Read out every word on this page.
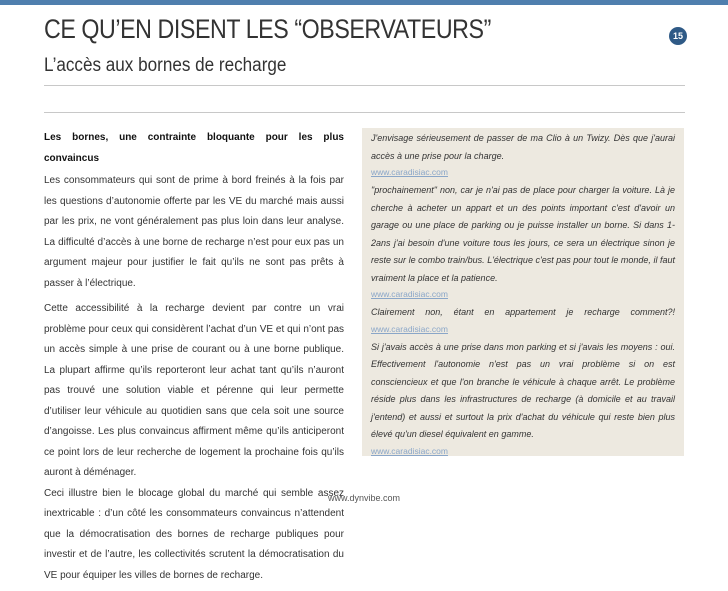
CE QU’EN DISENT LES “OBSERVATEURS”	15
L’accès aux bornes de recharge
Les bornes, une contrainte bloquante pour les plus convaincus

Les consommateurs qui sont de prime à bord freinés à la fois par les questions d’autonomie offerte par les VE du marché mais aussi par les prix, ne vont généralement pas plus loin dans leur analyse. La difficulté d’accès à une borne de recharge n’est pour eux pas un argument majeur pour justifier le fait qu’ils ne sont pas prêts à passer à l’électrique.

Cette accessibilité à la recharge devient par contre un vrai problème pour ceux qui considèrent l’achat d’un VE et qui n’ont pas un accès simple à une prise de courant ou à une borne publique. La plupart affirme qu’ils reporteront leur achat tant qu’ils n’auront pas trouvé une solution viable et pérenne qui leur permette d’utiliser leur véhicule au quotidien sans que cela soit une source d’angoisse. Les plus convaincus affirment même qu’ils anticiperont ce point lors de leur recherche de logement la prochaine fois qu’ils auront à déménager.

Ceci illustre bien le blocage global du marché qui semble assez inextricable : d’un côté les consommateurs convaincus n’attendent que la démocratisation des bornes de recharge publiques pour investir et de l’autre, les collectivités scrutent la démocratisation du VE pour équiper les villes de bornes de recharge.

J'envisage sérieusement de passer de ma Clio à un Twizy. Dès que j'aurai accès à une prise pour la charge.
www.caradisiac.com
"prochainement" non, car je n'ai pas de place pour charger la voiture. Là je cherche à acheter un appart et un des points important c'est d'avoir un garage ou une place de parking ou je puisse installer un borne. Si dans 1-2ans j'ai besoin d'une voiture tous les jours, ce sera un électrique sinon je reste sur le combo train/bus. L'électrique c'est pas pour tout le monde, il faut vraiment la place et la patience.
www.caradisiac.com
Clairement non, étant en appartement je recharge comment?!
www.caradisiac.com
Si j'avais accès à une prise dans mon parking et si j'avais les moyens : oui. Effectivement l'autonomie n'est pas un vrai problème si on est consciencieux et que l'on branche le véhicule à chaque arrêt. Le problème réside plus dans les infrastructures de recharge (à domicile et au travail j'entend) et aussi et surtout la prix d'achat du véhicule qui reste bien plus élevé qu'un diesel équivalent en gamme.
www.caradisiac.com
www.dynvibe.com
